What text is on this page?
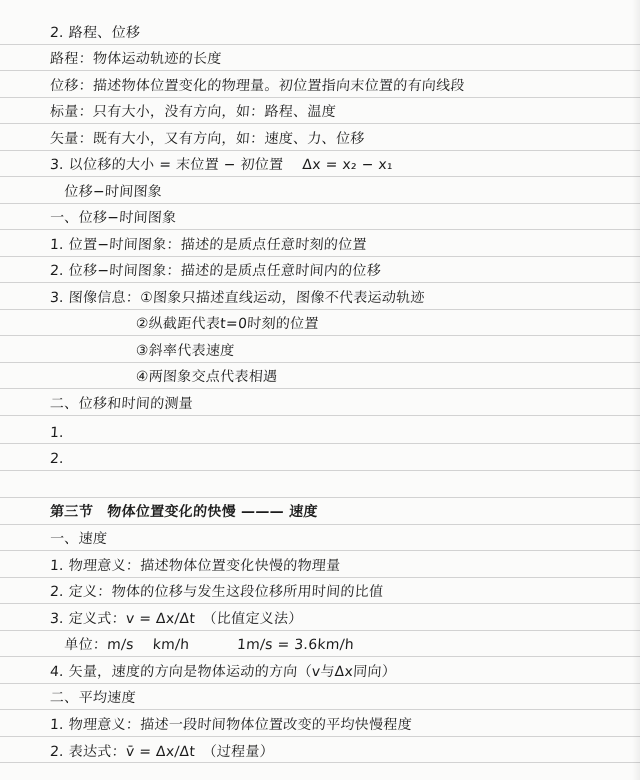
2. 路程、位移
路程：物体运动轨迹的长度
位移：描述物体位置变化的物理量。初位置指向末位置的有向线段
标量：只有大小，没有方向，如：路程、温度
矢量：既有大小，又有方向，如：速度、力、位移
3. 以位移的大小 = 末位置 − 初位置　 Δx = x₂ − x₁
　位移−时间图象
一、位移−时间图象
1. 位置−时间图象：描述的是质点任意时刻的位置
2. 位移−时间图象：描述的是质点任意时间内的位移
3. 图像信息：①图象只描述直线运动，图像不代表运动轨迹
　　　　　　②纵截距代表t=0时刻的位置
　　　　　　③斜率代表速度
　　　　　　④两图象交点代表相遇
二、位移和时间的测量
1.
2.
第三节　物体位置变化的快慢 ——— 速度
一、速度
1. 物理意义：描述物体位置变化快慢的物理量
2. 定义：物体的位移与发生这段位移所用时间的比值
3. 定义式：v = Δx/Δt　（比值定义法）
　单位：m/s　 km/h　　　 1m/s = 3.6km/h
4. 矢量，速度的方向是物体运动的方向（v与Δx同向）
二、平均速度
1. 物理意义：描述一段时间物体位置改变的平均快慢程度
2. 表达式：v̄ = Δx/Δt　（过程量）
